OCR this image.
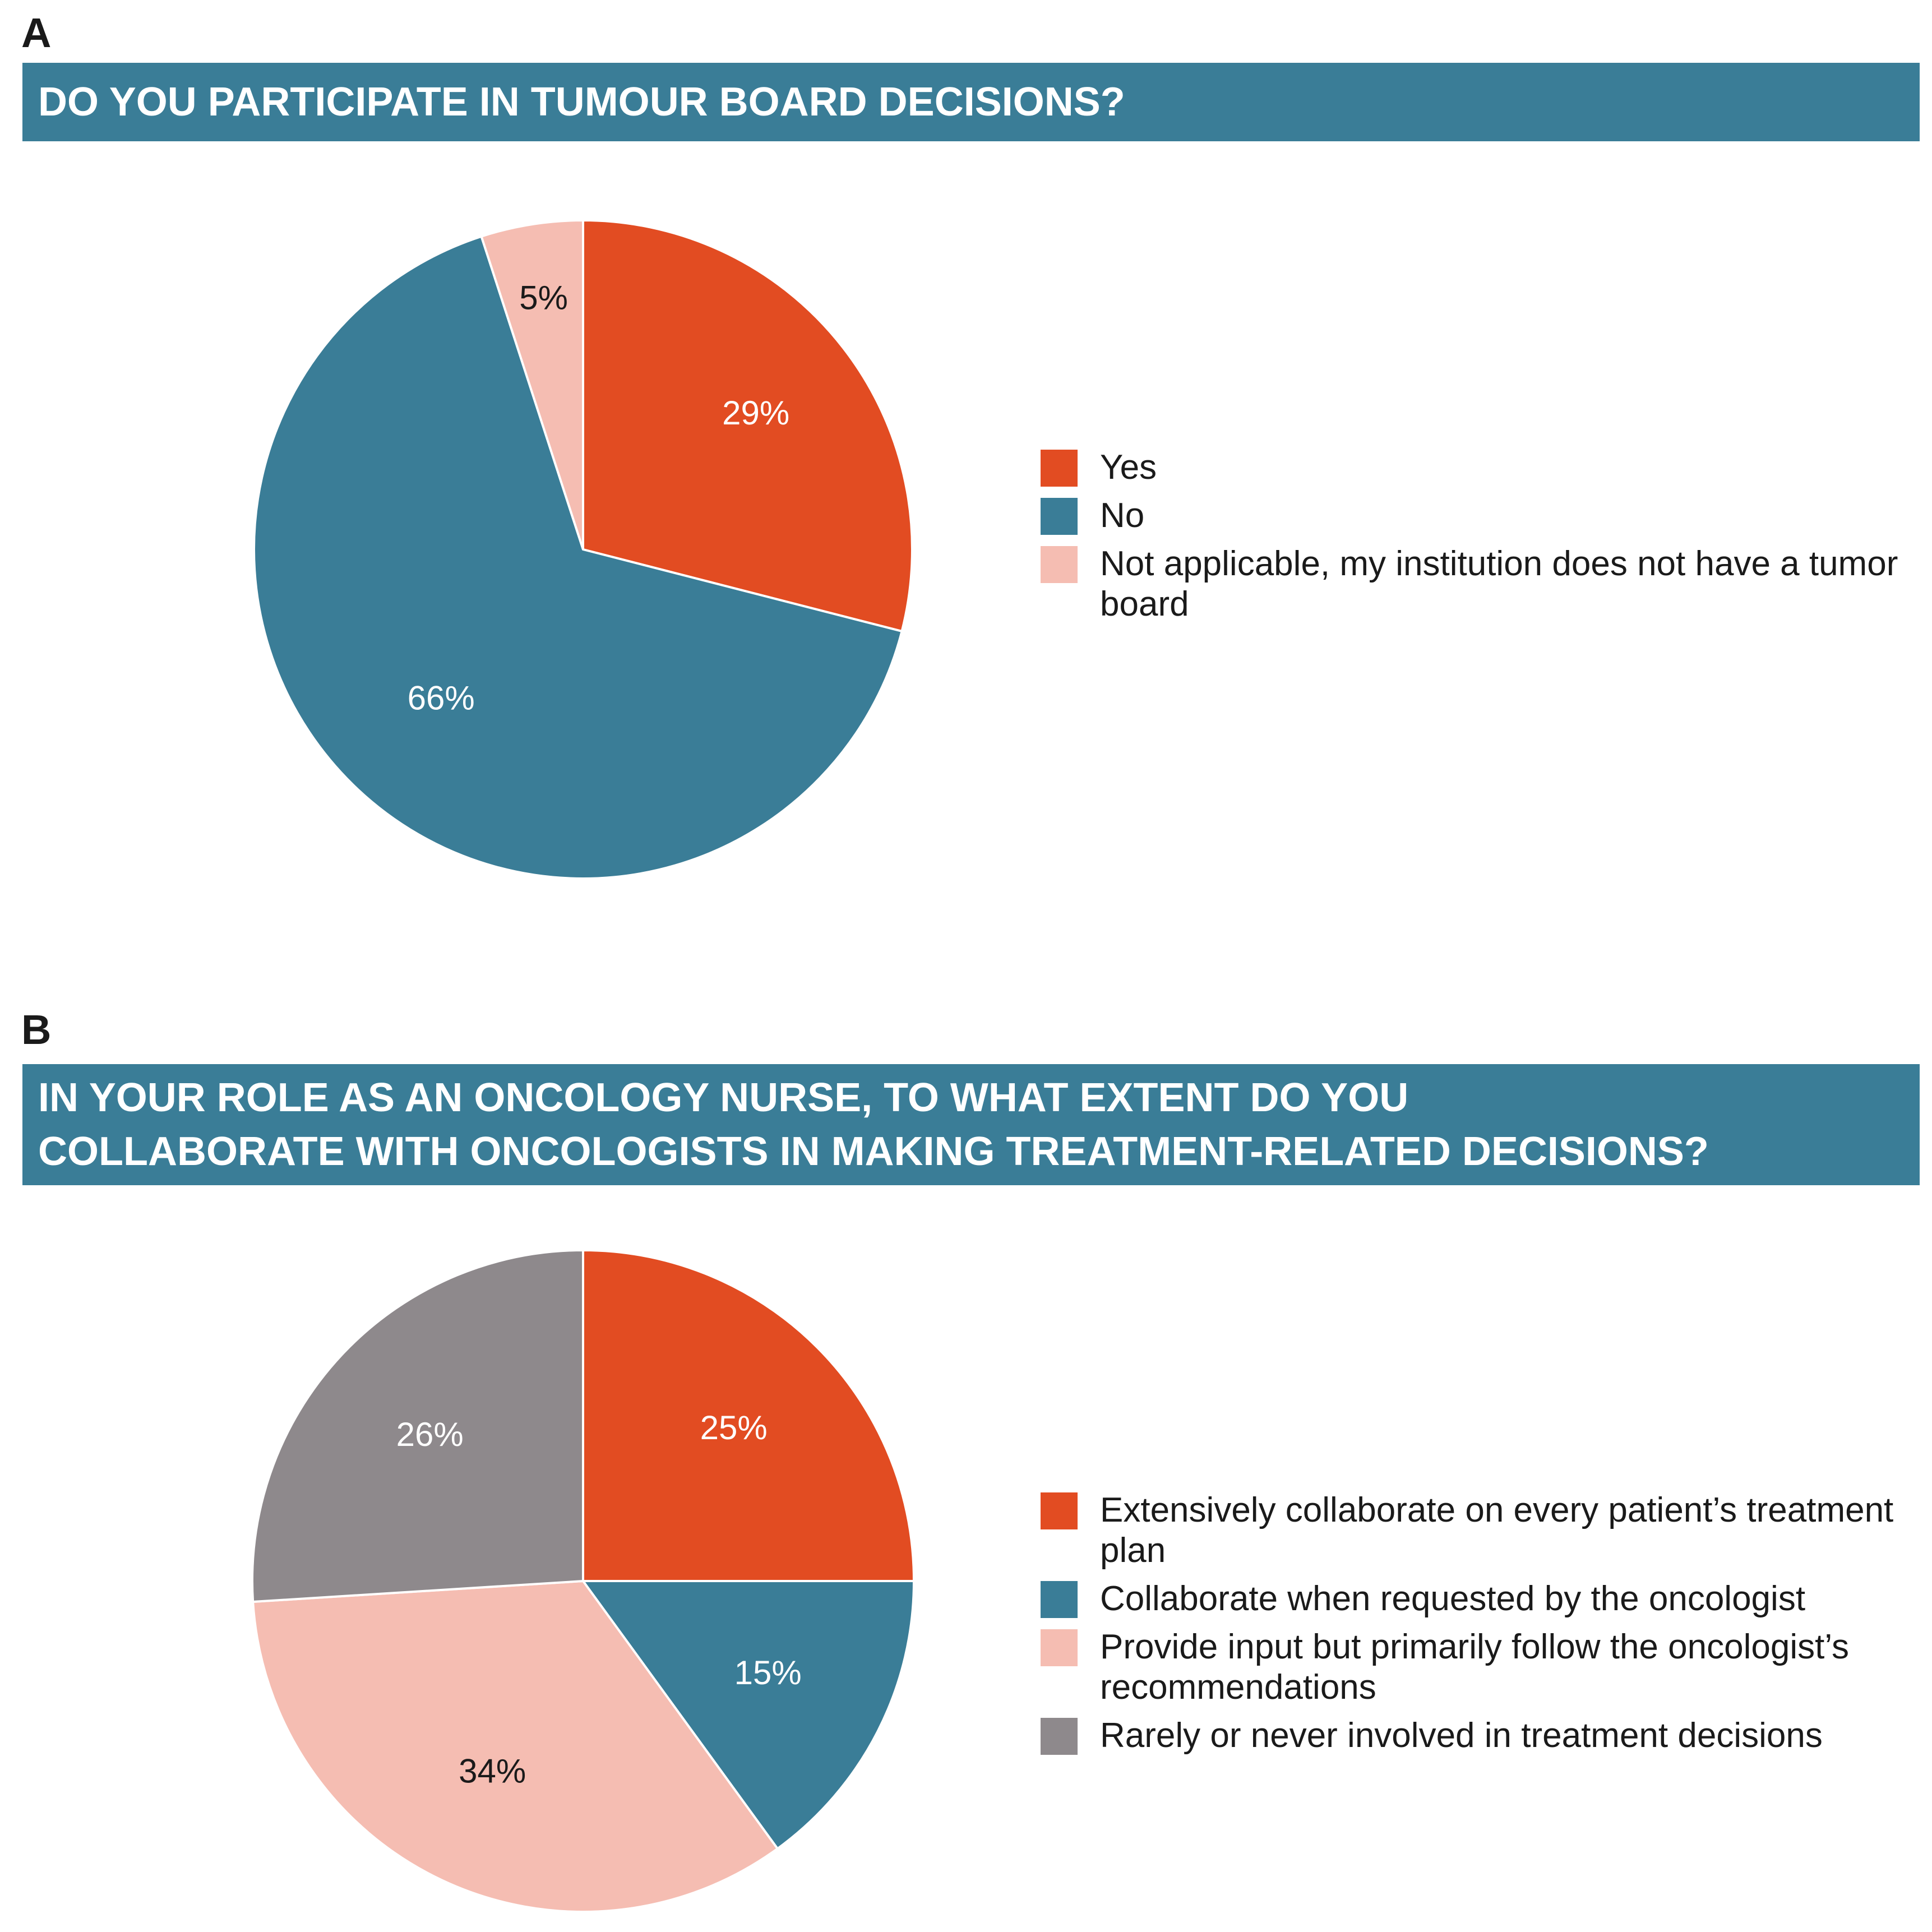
A
DO YOU PARTICIPATE IN TUMOUR BOARD DECISIONS?
29%
66%
5%
Yes
No
Not applicable, my institution does not have a tumor board
B
IN YOUR ROLE AS AN ONCOLOGY NURSE, TO WHAT EXTENT DO YOU
COLLABORATE WITH ONCOLOGISTS IN MAKING TREATMENT-RELATED DECISIONS?
25%
15%
34%
26%
Extensively collaborate on every patient’s treatment plan
Collaborate when requested by the oncologist
Provide input but primarily follow the oncologist’s recommendations
Rarely or never involved in treatment decisions
